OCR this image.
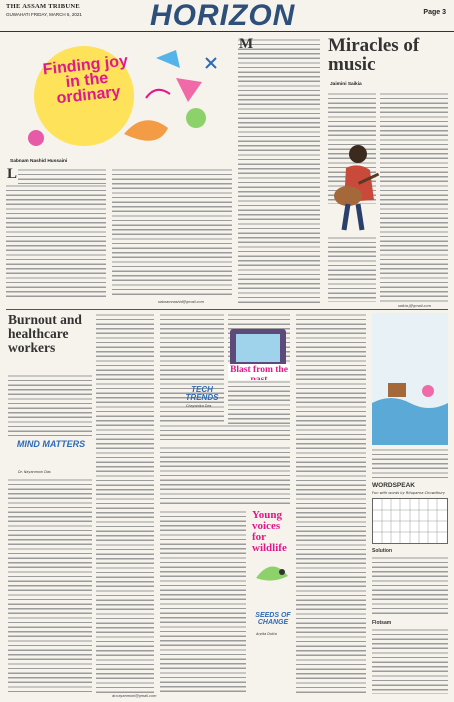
THE ASSAM TRIBUNE
GUWAHATI FRIDAY, MARCH 5, 2021 HORIZON	Page 3
Finding joy in the ordinary
Sabnam Nashid Hussaini
L
sabnamnashid@gmail.com
Miracles of music
Jaimini Saikia
M
saikia.j@gmail.com
Burnout and healthcare workers
MIND MATTERS
Dr. Nayanmoni Das
dr.nayanmoni@gmail.com
Blast from the
TECH TRENDS
Chayanika Das
Young voices for wildlife
SEEDS OF CHANGE
Arpita Dutta
WORDSPEAK
Fun with words by Rituparna Chowdhury
Solution
Flotsam
